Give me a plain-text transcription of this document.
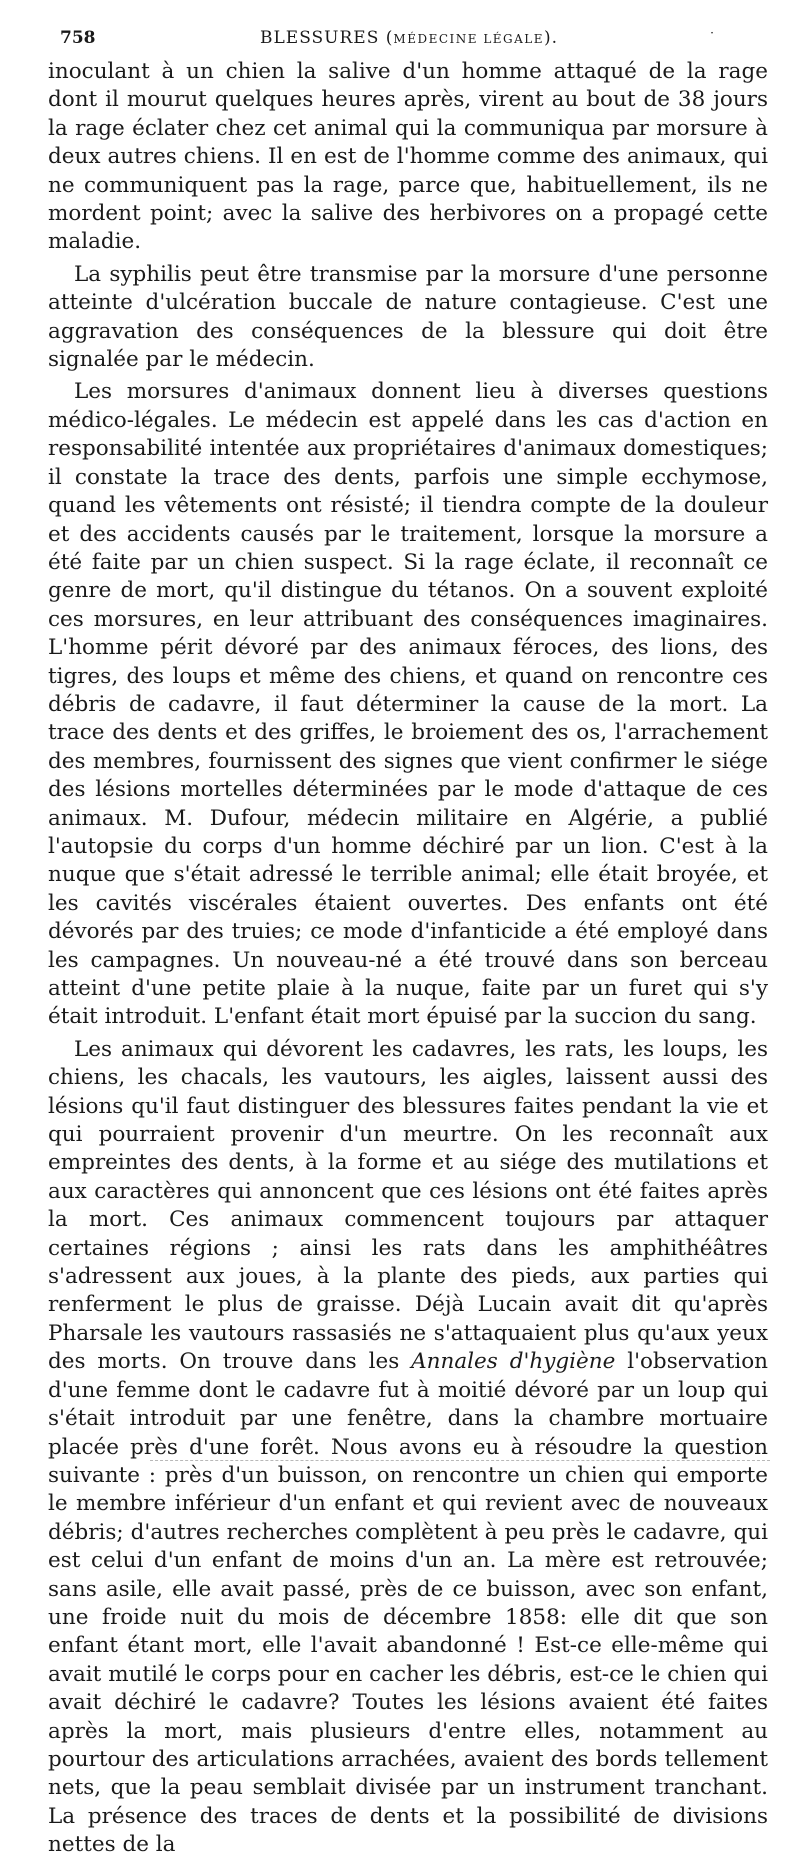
758	BLESSURES (MÉDECINE LÉGALE).	·

inoculant à un chien la salive d'un homme attaqué de la rage dont il mourut quelques heures après, virent au bout de 38 jours la rage éclater chez cet animal qui la communiqua par morsure à deux autres chiens. Il en est de l'homme comme des animaux, qui ne communiquent pas la rage, parce que, habituellement, ils ne mordent point; avec la salive des herbivores on a propagé cette maladie.

La syphilis peut être transmise par la morsure d'une personne atteinte d'ulcération buccale de nature contagieuse. C'est une aggravation des conséquences de la blessure qui doit être signalée par le médecin.

Les morsures d'animaux donnent lieu à diverses questions médico-légales. Le médecin est appelé dans les cas d'action en responsabilité intentée aux propriétaires d'animaux domestiques; il constate la trace des dents, parfois une simple ecchymose, quand les vêtements ont résisté; il tiendra compte de la douleur et des accidents causés par le traitement, lorsque la morsure a été faite par un chien suspect. Si la rage éclate, il reconnaît ce genre de mort, qu'il distingue du tétanos. On a souvent exploité ces morsures, en leur attribuant des conséquences imaginaires. L'homme périt dévoré par des animaux féroces, des lions, des tigres, des loups et même des chiens, et quand on rencontre ces débris de cadavre, il faut déterminer la cause de la mort. La trace des dents et des griffes, le broiement des os, l'arrachement des membres, fournissent des signes que vient confirmer le siége des lésions mortelles déterminées par le mode d'attaque de ces animaux. M. Dufour, médecin militaire en Algérie, a publié l'autopsie du corps d'un homme déchiré par un lion. C'est à la nuque que s'était adressé le terrible animal; elle était broyée, et les cavités viscérales étaient ouvertes. Des enfants ont été dévorés par des truies; ce mode d'infanticide a été employé dans les campagnes. Un nouveau-né a été trouvé dans son berceau atteint d'une petite plaie à la nuque, faite par un furet qui s'y était introduit. L'enfant était mort épuisé par la succion du sang.

Les animaux qui dévorent les cadavres, les rats, les loups, les chiens, les chacals, les vautours, les aigles, laissent aussi des lésions qu'il faut distinguer des blessures faites pendant la vie et qui pourraient provenir d'un meurtre. On les reconnaît aux empreintes des dents, à la forme et au siége des mutilations et aux caractères qui annoncent que ces lésions ont été faites après la mort. Ces animaux commencent toujours par attaquer certaines régions ; ainsi les rats dans les amphithéâtres s'adressent aux joues, à la plante des pieds, aux parties qui renferment le plus de graisse. Déjà Lucain avait dit qu'après Pharsale les vautours rassasiés ne s'attaquaient plus qu'aux yeux des morts. On trouve dans les Annales d'hygiène l'observation d'une femme dont le cadavre fut à moitié dévoré par un loup qui s'était introduit par une fenêtre, dans la chambre mortuaire placée près d'une forêt. Nous avons eu à résoudre la question suivante : près d'un buisson, on rencontre un chien qui emporte le membre inférieur d'un enfant et qui revient avec de nouveaux débris; d'autres recherches complètent à peu près le cadavre, qui est celui d'un enfant de moins d'un an. La mère est retrouvée; sans asile, elle avait passé, près de ce buisson, avec son enfant, une froide nuit du mois de décembre 1858: elle dit que son enfant étant mort, elle l'avait abandonné ! Est-ce elle-même qui avait mutilé le corps pour en cacher les débris, est-ce le chien qui avait déchiré le cadavre? Toutes les lésions avaient été faites après la mort, mais plusieurs d'entre elles, notamment au pourtour des articulations arrachées, avaient des bords tellement nets, que la peau semblait divisée par un instrument tranchant. La présence des traces de dents et la possibilité de divisions nettes de la
